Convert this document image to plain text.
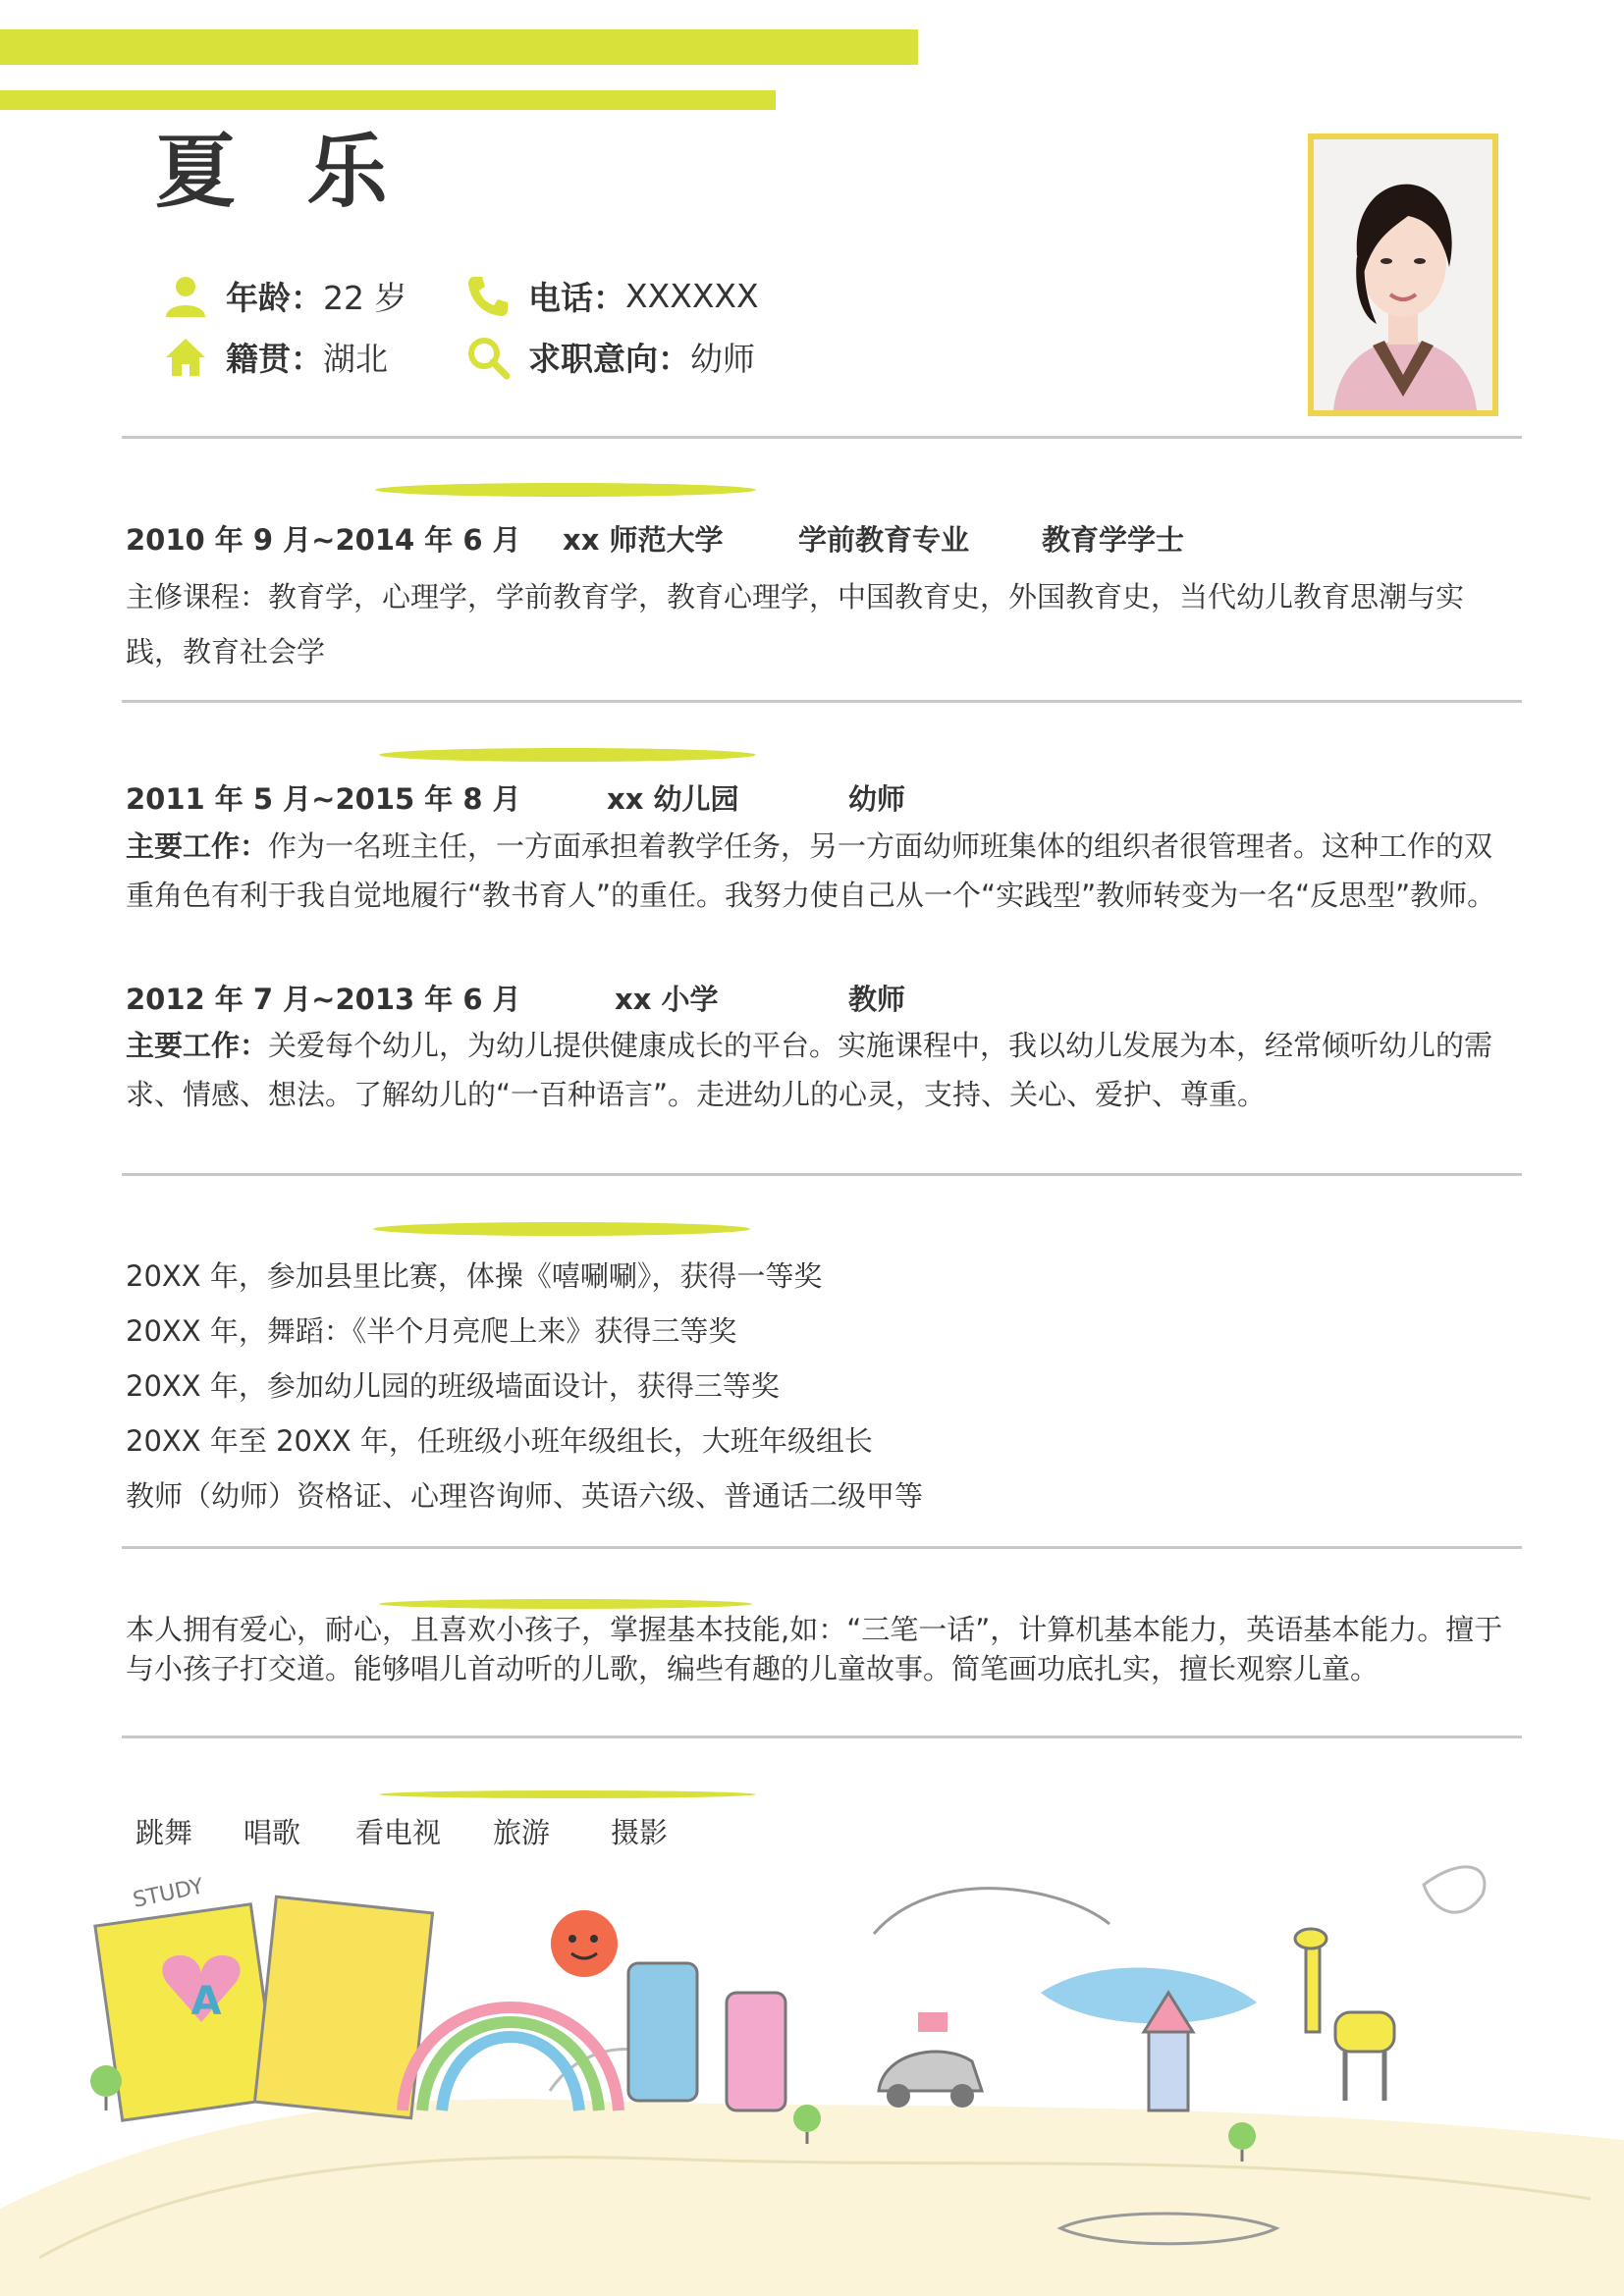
夏 乐
年龄： 22 岁	电话： XXXXXX
籍贯： 湖北	求职意向： 幼师
2010 年 9 月~2014 年 6 月	xx 师范大学	学前教育专业	教育学学士
主修课程：教育学，心理学，学前教育学，教育心理学，中国教育史，外国教育史，当代幼儿教育思潮与实践，教育社会学
2011 年 5 月~2015 年 8 月	xx 幼儿园	幼师
主要工作：作为一名班主任，一方面承担着教学任务，另一方面幼师班集体的组织者很管理者。这种工作的双重角色有利于我自觉地履行“教书育人”的重任。我努力使自己从一个“实践型”教师转变为一名“反思型”教师。
2012 年 7 月~2013 年 6 月	xx 小学	教师
主要工作：关爱每个幼儿，为幼儿提供健康成长的平台。实施课程中，我以幼儿发展为本，经常倾听幼儿的需求、情感、想法。了解幼儿的“一百种语言”。走进幼儿的心灵，支持、关心、爱护、尊重。
20XX 年，参加县里比赛，体操《嘻唰唰》，获得一等奖
20XX 年，舞蹈：《半个月亮爬上来》获得三等奖
20XX 年，参加幼儿园的班级墙面设计，获得三等奖
20XX 年至 20XX 年，任班级小班年级组长，大班年级组长
教师（幼师）资格证、心理咨询师、英语六级、普通话二级甲等
本人拥有爱心，耐心，且喜欢小孩子，掌握基本技能,如：“三笔一话”，计算机基本能力，英语基本能力。擅于与小孩子打交道。能够唱儿首动听的儿歌，编些有趣的儿童故事。简笔画功底扎实，擅长观察儿童。
A
STUDY
跳舞 唱歌 看电视 旅游 摄影
